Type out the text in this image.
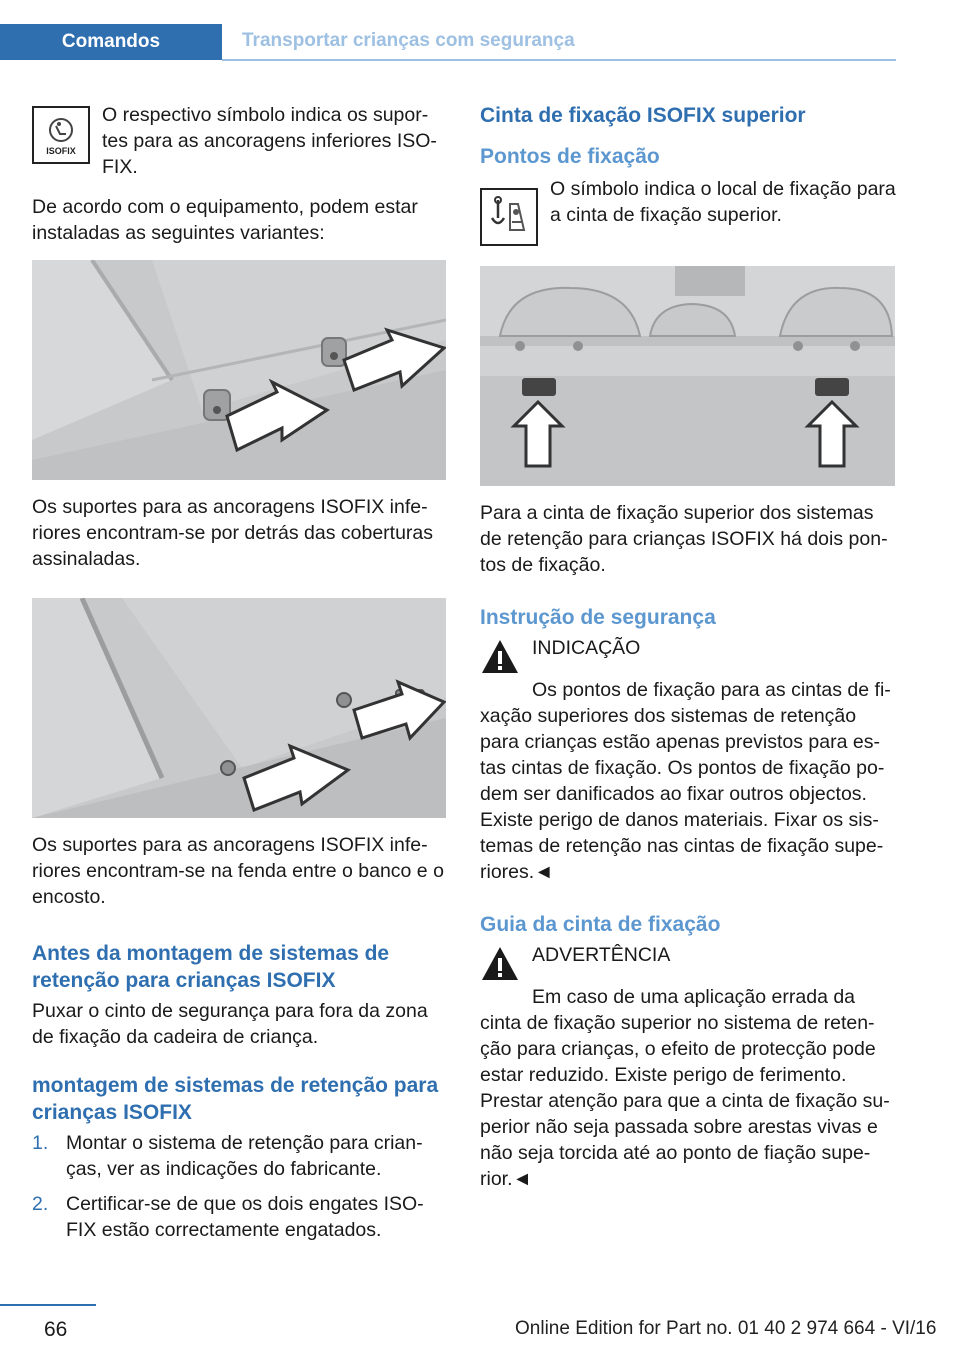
Comandos	Transportar crianças com segurança
ISOFIX

O respectivo símbolo indica os supor-tes para as ancoragens inferiores ISO-FIX.

De acordo com o equipamento, podem estar instaladas as seguintes variantes:

Os suportes para as ancoragens ISOFIX infe-riores encontram-se por detrás das coberturas assinaladas.

Os suportes para as ancoragens ISOFIX infe-riores encontram-se na fenda entre o banco e o encosto.

Antes da montagem de sistemas de retenção para crianças ISOFIX

Puxar o cinto de segurança para fora da zona de fixação da cadeira de criança.

montagem de sistemas de retenção para crianças ISOFIX
1. Montar o sistema de retenção para crian-ças, ver as indicações do fabricante.
2. Certificar-se de que os dois engates ISO-FIX estão correctamente engatados.
Cinta de fixação ISOFIX superior
Pontos de fixação

O símbolo indica o local de fixação para a cinta de fixação superior.

Para a cinta de fixação superior dos sistemas de retenção para crianças ISOFIX há dois pon-tos de fixação.

Instrução de segurança

INDICAÇÃO

Os pontos de fixação para as cintas de fi-xação superiores dos sistemas de retenção para crianças estão apenas previstos para es-tas cintas de fixação. Os pontos de fixação po-dem ser danificados ao fixar outros objectos. Existe perigo de danos materiais. Fixar os sis-temas de retenção nas cintas de fixação supe-riores.◄

Guia da cinta de fixação

ADVERTÊNCIA

Em caso de uma aplicação errada da cinta de fixação superior no sistema de reten-ção para crianças, o efeito de protecção pode estar reduzido. Existe perigo de ferimento. Prestar atenção para que a cinta de fixação su-perior não seja passada sobre arestas vivas e não seja torcida até ao ponto de fiação supe-rior.◄

66	Online Edition for Part no. 01 40 2 974 664 - VI/16
